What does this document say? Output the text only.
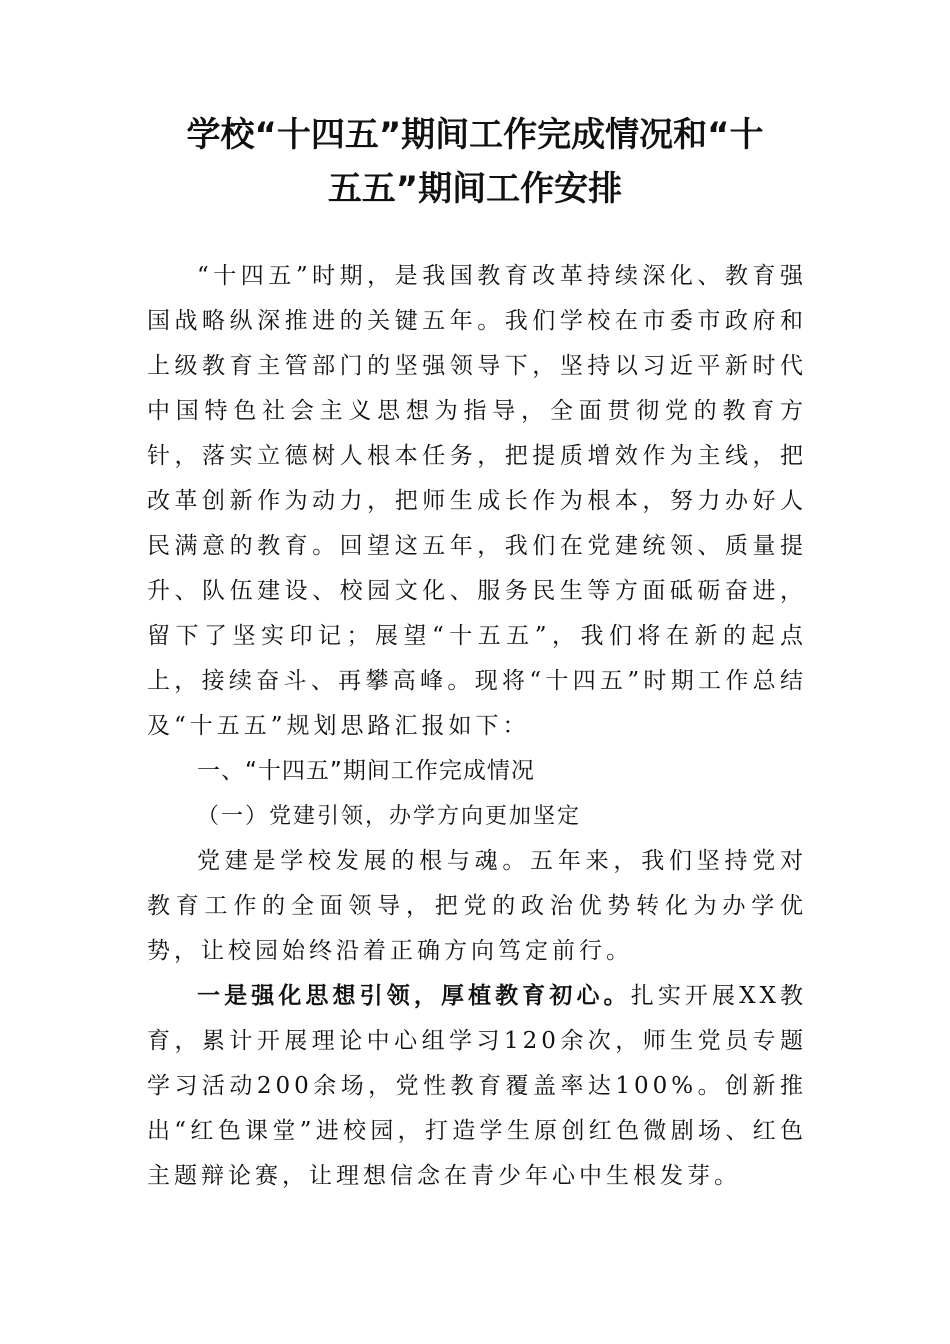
学校“十四五”期间工作完成情况和“十
五五”期间工作安排

“十四五”时期，是我国教育改革持续深化、教育强国战略纵深推进的关键五年。我们学校在市委市政府和上级教育主管部门的坚强领导下，坚持以习近平新时代中国特色社会主义思想为指导，全面贯彻党的教育方针，落实立德树人根本任务，把提质增效作为主线，把改革创新作为动力，把师生成长作为根本，努力办好人民满意的教育。回望这五年，我们在党建统领、质量提升、队伍建设、校园文化、服务民生等方面砥砺奋进，留下了坚实印记；展望“十五五”，我们将在新的起点上，接续奋斗、再攀高峰。现将“十四五”时期工作总结及“十五五”规划思路汇报如下：

一、“十四五”期间工作完成情况

（一）党建引领，办学方向更加坚定

党建是学校发展的根与魂。五年来，我们坚持党对教育工作的全面领导，把党的政治优势转化为办学优势，让校园始终沿着正确方向笃定前行。

一是强化思想引领，厚植教育初心。扎实开展XX教育，累计开展理论中心组学习120余次，师生党员专题学习活动200余场，党性教育覆盖率达100%。创新推出“红色课堂”进校园，打造学生原创红色微剧场、红色主题辩论赛，让理想信念在青少年心中生根发芽。
